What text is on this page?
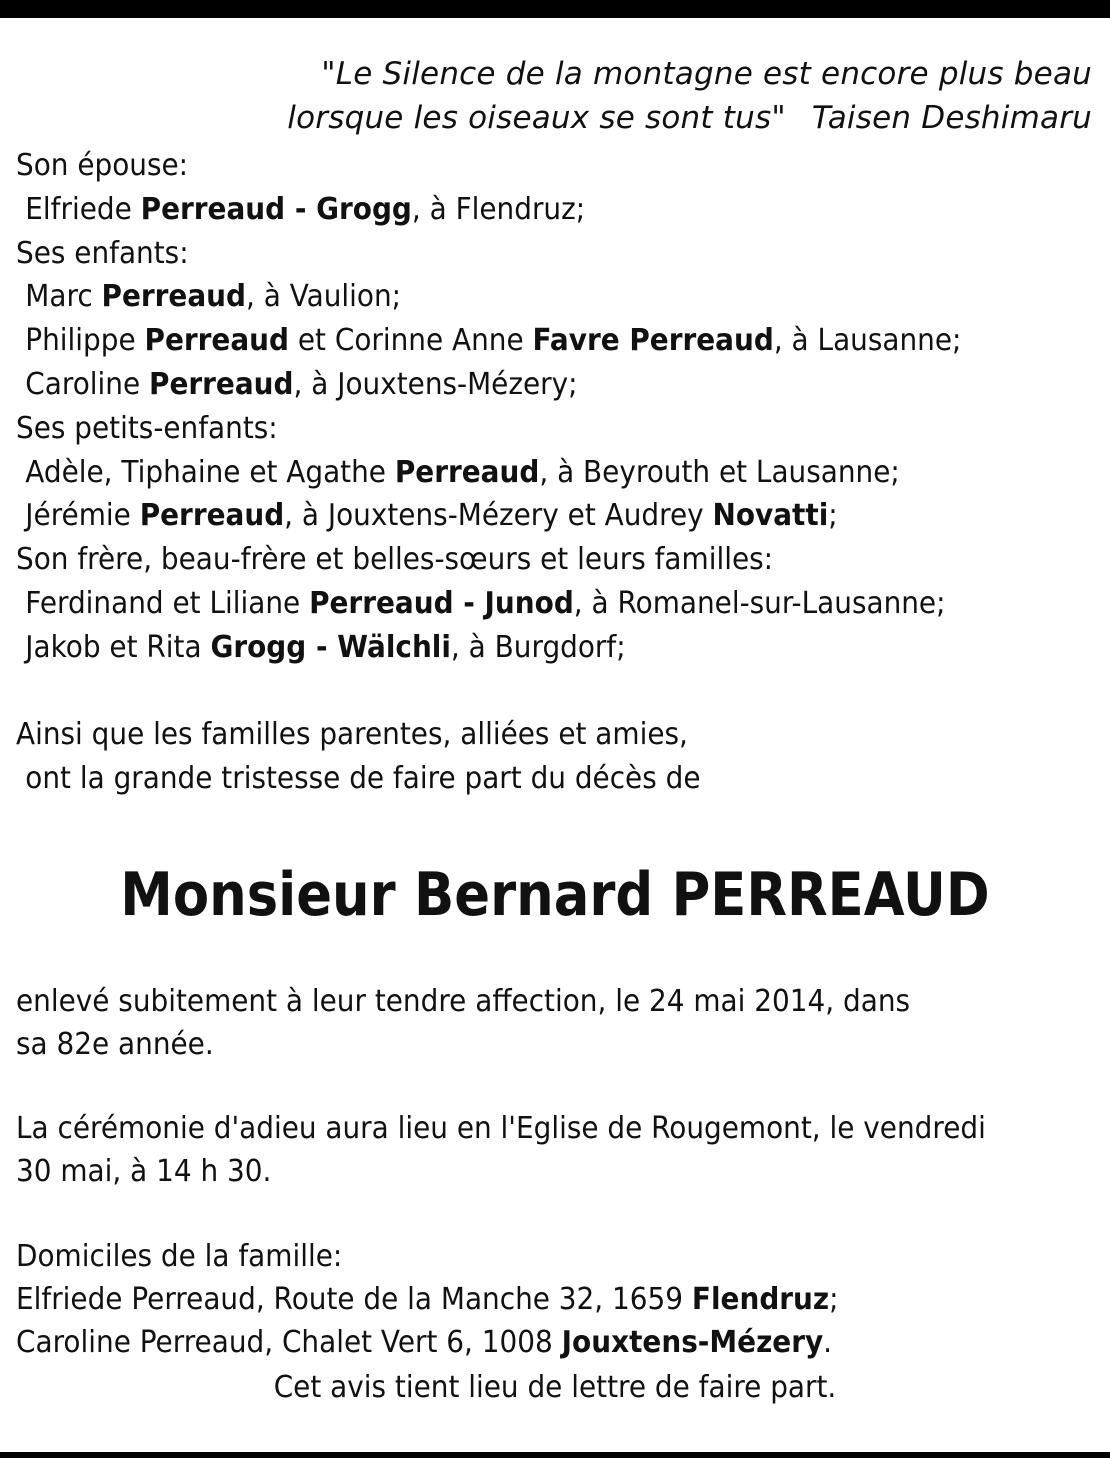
"Le Silence de la montagne est encore plus beau
lorsque les oiseaux se sont tus" Taisen Deshimaru
Son épouse:
Elfriede Perreaud - Grogg, à Flendruz;
Ses enfants:
Marc Perreaud, à Vaulion;
Philippe Perreaud et Corinne Anne Favre Perreaud, à Lausanne;
Caroline Perreaud, à Jouxtens-Mézery;
Ses petits-enfants:
Adèle, Tiphaine et Agathe Perreaud, à Beyrouth et Lausanne;
Jérémie Perreaud, à Jouxtens-Mézery et Audrey Novatti;
Son frère, beau-frère et belles-sœurs et leurs familles:
Ferdinand et Liliane Perreaud - Junod, à Romanel-sur-Lausanne;
Jakob et Rita Grogg - Wälchli, à Burgdorf;
Ainsi que les familles parentes, alliées et amies,
ont la grande tristesse de faire part du décès de
Monsieur Bernard PERREAUD
enlevé subitement à leur tendre affection, le 24 mai 2014, dans
sa 82e année.
La cérémonie d'adieu aura lieu en l'Eglise de Rougemont, le vendredi
30 mai, à 14 h 30.
Domiciles de la famille:
Elfriede Perreaud, Route de la Manche 32, 1659 Flendruz;
Caroline Perreaud, Chalet Vert 6, 1008 Jouxtens-Mézery.
Cet avis tient lieu de lettre de faire part.
